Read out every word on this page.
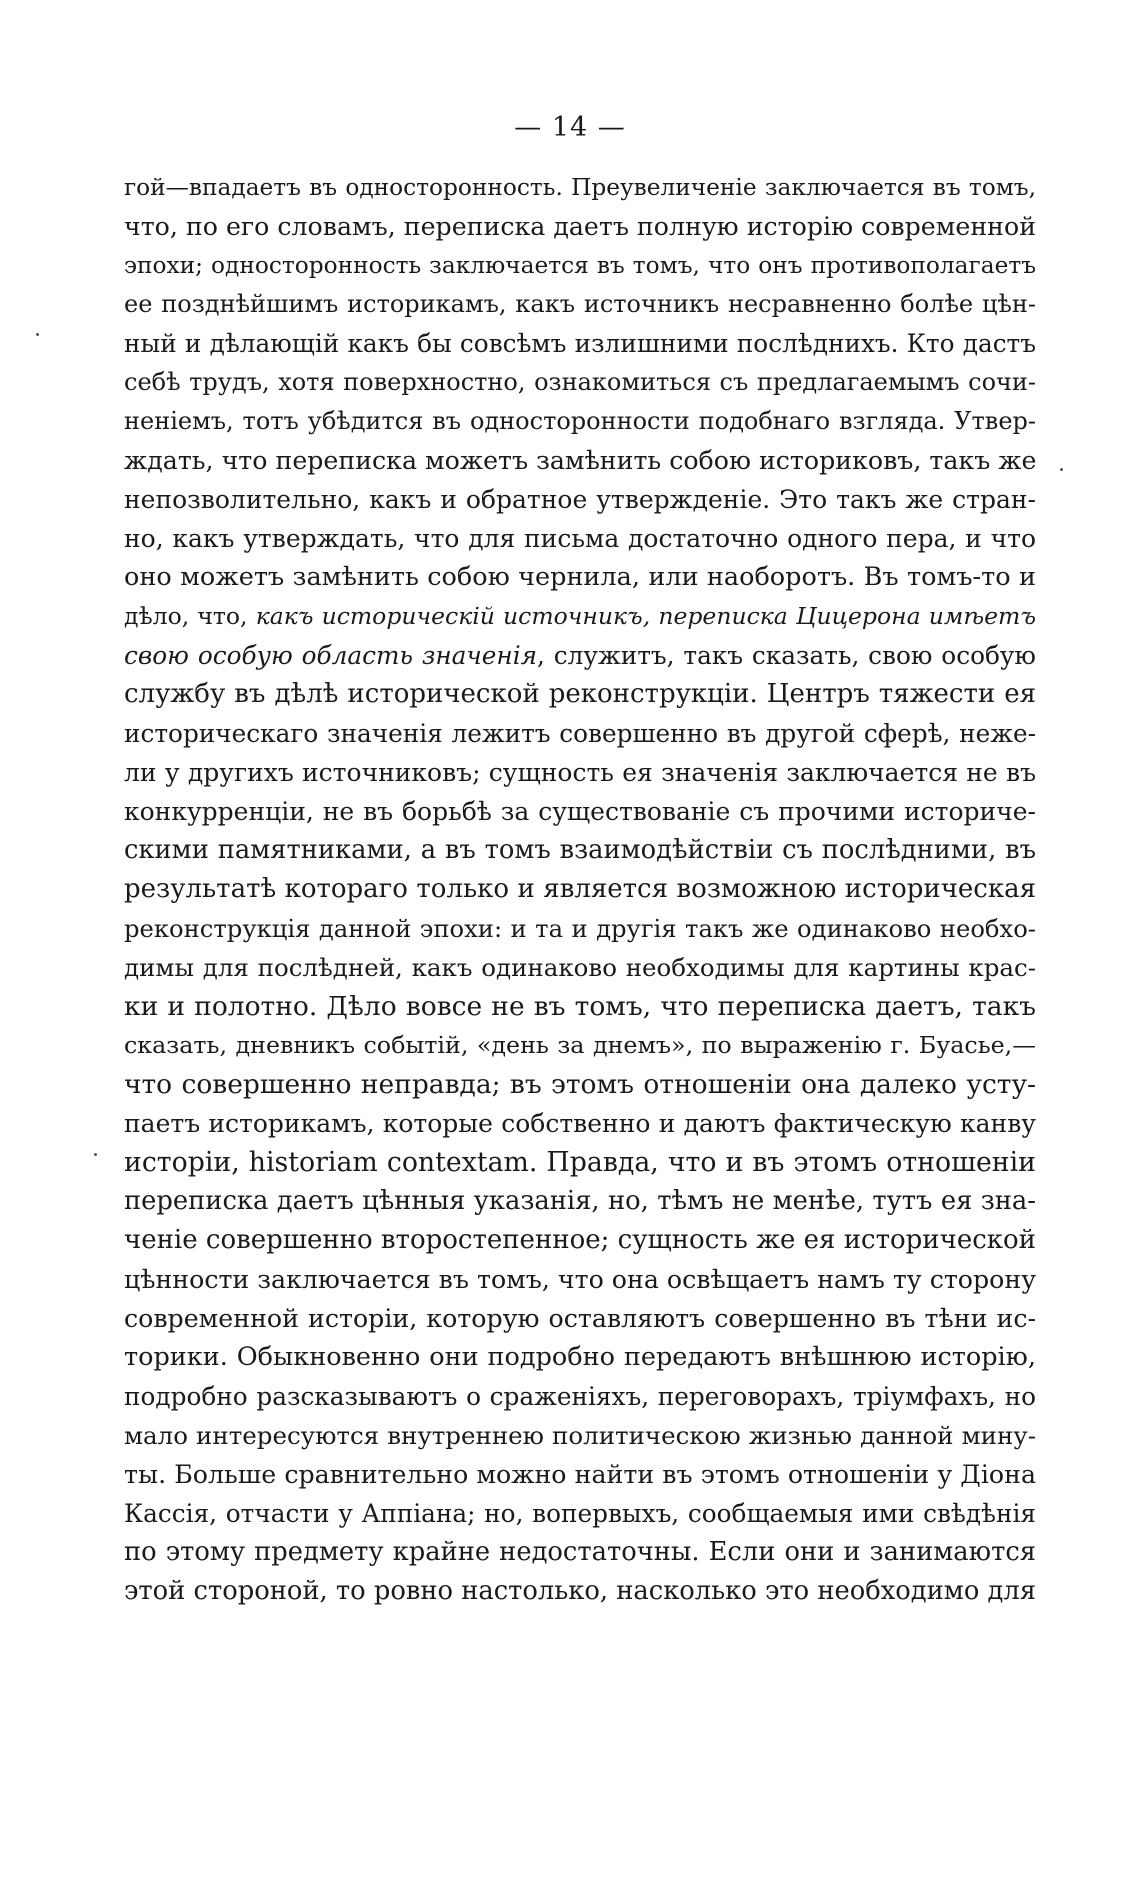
— 14 —
гой—впадаетъ въ односторонность. Преувеличеніе заключается въ томъ,
что, по его словамъ, переписка даетъ полную исторію современной
эпохи; односторонность заключается въ томъ, что онъ противополагаетъ
ее позднѣйшимъ историкамъ, какъ источникъ несравненно болѣе цѣн-
ный и дѣлающій какъ бы совсѣмъ излишними послѣднихъ. Кто дастъ
себѣ трудъ, хотя поверхностно, ознакомиться съ предлагаемымъ сочи-
неніемъ, тотъ убѣдится въ односторонности подобнаго взгляда. Утвер-
ждать, что переписка можетъ замѣнить собою историковъ, такъ же
непозволительно, какъ и обратное утвержденіе. Это такъ же стран-
но, какъ утверждать, что для письма достаточно одного пера, и что
оно можетъ замѣнить собою чернила, или наоборотъ. Въ томъ-то и
дѣло, что, какъ историческій источникъ, переписка Цицерона имѣетъ
свою особую область значенія, служитъ, такъ сказать, свою особую
службу въ дѣлѣ исторической реконструкціи. Центръ тяжести ея
историческаго значенія лежитъ совершенно въ другой сферѣ, неже-
ли у другихъ источниковъ; сущность ея значенія заключается не въ
конкурренціи, не въ борьбѣ за существованіе съ прочими историче-
скими памятниками, а въ томъ взаимодѣйствіи съ послѣдними, въ
результатѣ котораго только и является возможною историческая
реконструкція данной эпохи: и та и другія такъ же одинаково необхо-
димы для послѣдней, какъ одинаково необходимы для картины крас-
ки и полотно. Дѣло вовсе не въ томъ, что переписка даетъ, такъ
сказать, дневникъ событій, «день за днемъ», по выраженію г. Буасье,—
что совершенно неправда; въ этомъ отношеніи она далеко усту-
паетъ историкамъ, которые собственно и даютъ фактическую канву
исторіи, historiam contextam. Правда, что и въ этомъ отношеніи
переписка даетъ цѣнныя указанія, но, тѣмъ не менѣе, тутъ ея зна-
ченіе совершенно второстепенное; сущность же ея исторической
цѣнности заключается въ томъ, что она освѣщаетъ намъ ту сторону
современной исторіи, которую оставляютъ совершенно въ тѣни ис-
торики. Обыкновенно они подробно передаютъ внѣшнюю исторію,
подробно разсказываютъ о сраженіяхъ, переговорахъ, тріумфахъ, но
мало интересуются внутреннею политическою жизнью данной мину-
ты. Больше сравнительно можно найти въ этомъ отношеніи у Діона
Кассія, отчасти у Аппіана; но, вопервыхъ, сообщаемыя ими свѣдѣнія
по этому предмету крайне недостаточны. Если они и занимаются
этой стороной, то ровно настолько, насколько это необходимо для
